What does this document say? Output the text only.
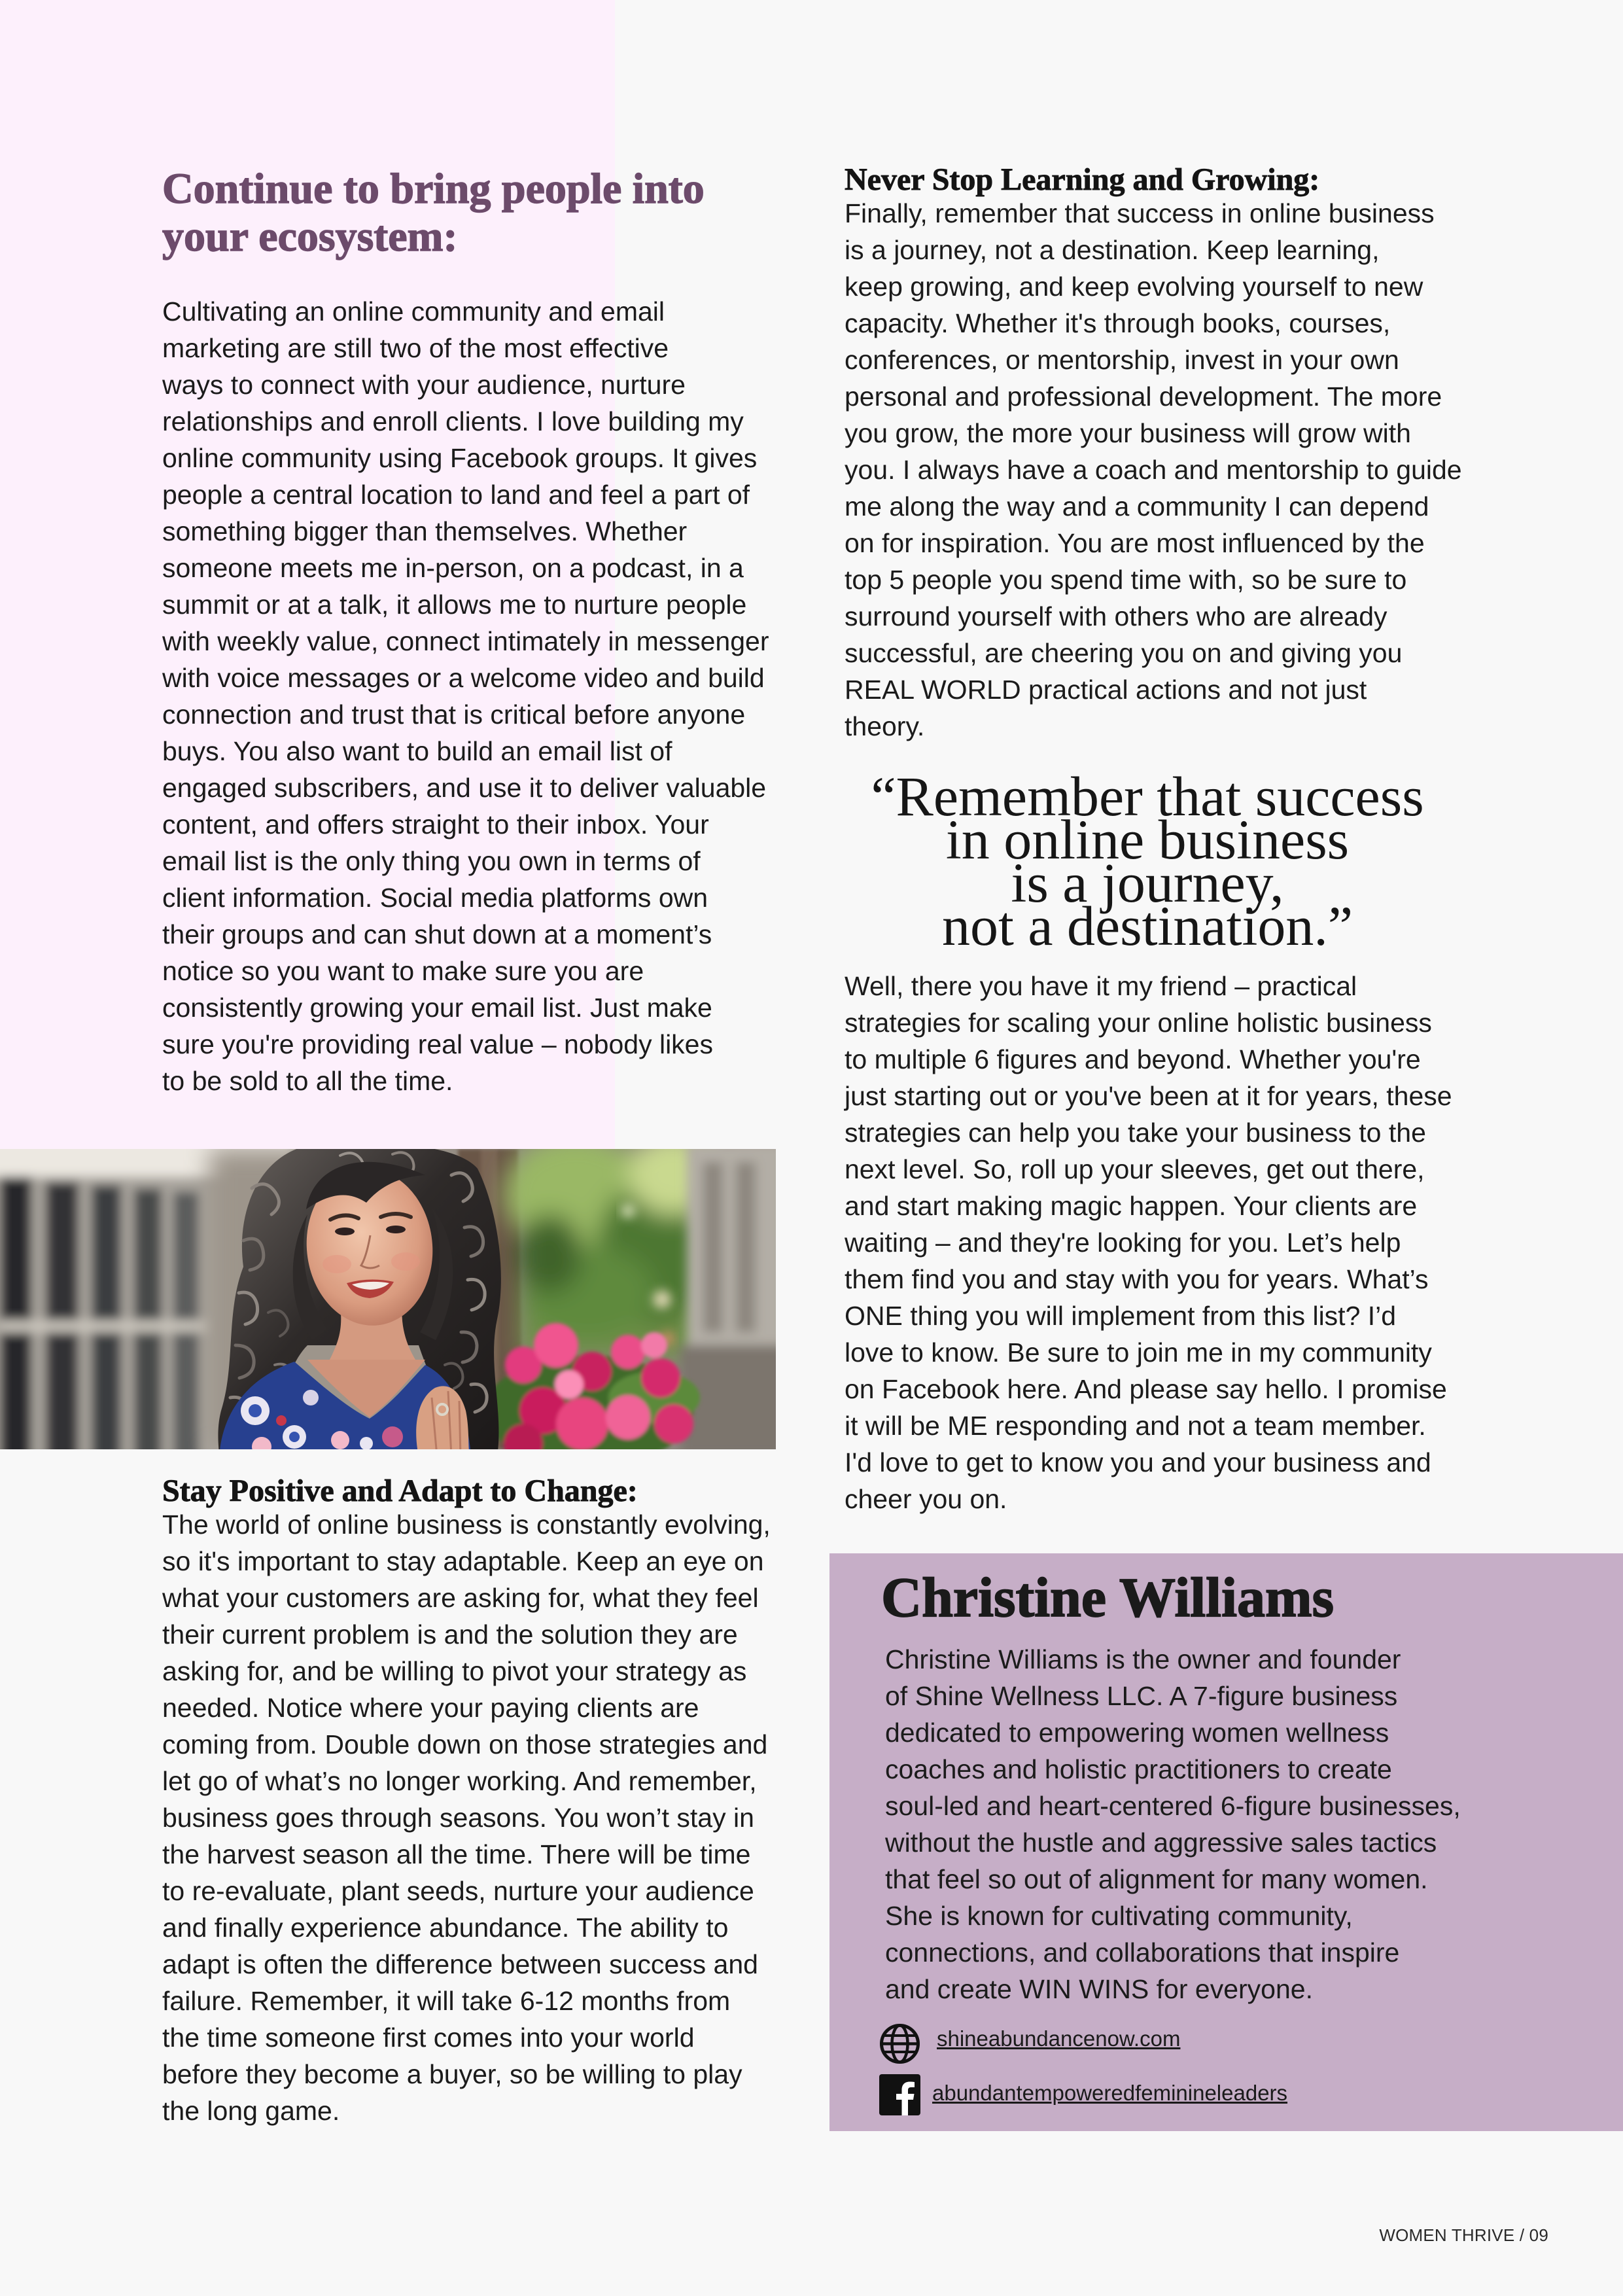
Continue to bring people into
your ecosystem:

Cultivating an online community and email
marketing are still two of the most effective
ways to connect with your audience, nurture
relationships and enroll clients. I love building my
online community using Facebook groups. It gives
people a central location to land and feel a part of
something bigger than themselves. Whether
someone meets me in-person, on a podcast, in a
summit or at a talk, it allows me to nurture people
with weekly value, connect intimately in messenger
with voice messages or a welcome video and build
connection and trust that is critical before anyone
buys. You also want to build an email list of
engaged subscribers, and use it to deliver valuable
content, and offers straight to their inbox. Your
email list is the only thing you own in terms of
client information. Social media platforms own
their groups and can shut down at a moment’s
notice so you want to make sure you are
consistently growing your email list. Just make
sure you're providing real value – nobody likes
to be sold to all the time.

Stay Positive and Adapt to Change:

The world of online business is constantly evolving,
so it's important to stay adaptable. Keep an eye on
what your customers are asking for, what they feel
their current problem is and the solution they are
asking for, and be willing to pivot your strategy as
needed. Notice where your paying clients are
coming from. Double down on those strategies and
let go of what’s no longer working. And remember,
business goes through seasons. You won’t stay in
the harvest season all the time. There will be time
to re-evaluate, plant seeds, nurture your audience
and finally experience abundance. The ability to
adapt is often the difference between success and
failure. Remember, it will take 6-12 months from
the time someone first comes into your world
before they become a buyer, so be willing to play
the long game.

Never Stop Learning and Growing:

Finally, remember that success in online business
is a journey, not a destination. Keep learning,
keep growing, and keep evolving yourself to new
capacity. Whether it's through books, courses,
conferences, or mentorship, invest in your own
personal and professional development. The more
you grow, the more your business will grow with
you. I always have a coach and mentorship to guide
me along the way and a community I can depend
on for inspiration. You are most influenced by the
top 5 people you spend time with, so be sure to
surround yourself with others who are already
successful, are cheering you on and giving you
REAL WORLD practical actions and not just
theory.

“Remember that success
in online business
is a journey,
not a destination.”

Well, there you have it my friend – practical
strategies for scaling your online holistic business
to multiple 6 figures and beyond. Whether you're
just starting out or you've been at it for years, these
strategies can help you take your business to the
next level. So, roll up your sleeves, get out there,
and start making magic happen. Your clients are
waiting – and they're looking for you. Let’s help
them find you and stay with you for years. What’s
ONE thing you will implement from this list? I’d
love to know. Be sure to join me in my community
on Facebook here. And please say hello. I promise
it will be ME responding and not a team member.
I'd love to get to know you and your business and
cheer you on.

Christine Williams

Christine Williams is the owner and founder
of Shine Wellness LLC. A 7-figure business
dedicated to empowering women wellness
coaches and holistic practitioners to create
soul-led and heart-centered 6-figure businesses,
without the hustle and aggressive sales tactics
that feel so out of alignment for many women.
She is known for cultivating community,
connections, and collaborations that inspire
and create WIN WINS for everyone.

shineabundancenow.com
abundantempoweredfeminineleaders
WOMEN THRIVE / 09
